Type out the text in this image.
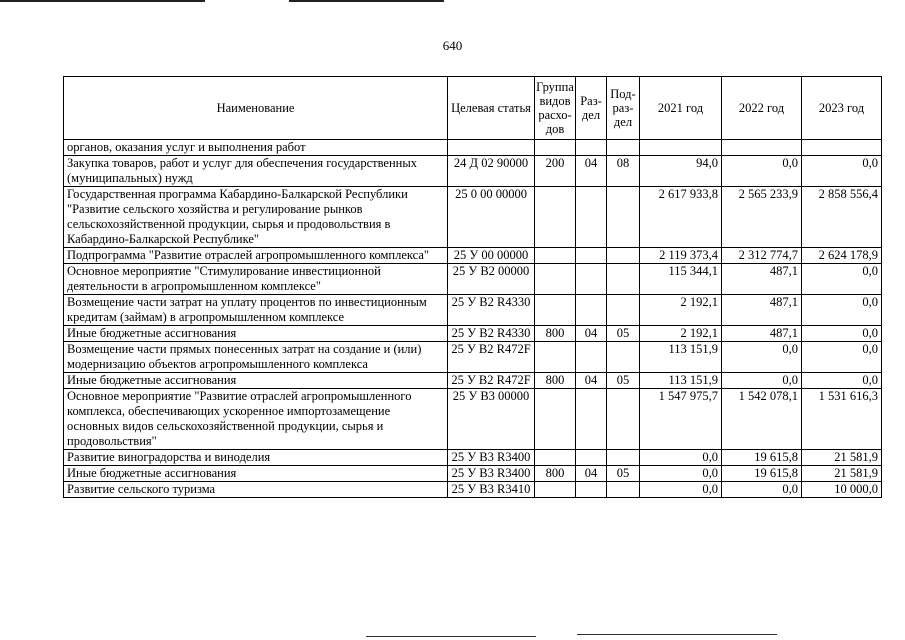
640
Наименование	Целевая статья	Группа видов расхо-дов	Раз-дел	Под-раз-дел	2021 год	2022 год	2023 год
органов, оказания услуг и выполнения работ							
Закупка товаров, работ и услуг для обеспечения государственных (муниципальных) нужд	24 Д 02 90000	200	04	08	94,0	0,0	0,0
Государственная программа Кабардино-Балкарской Республики "Развитие сельского хозяйства и регулирование рынков сельскохозяйственной продукции, сырья и продовольствия в Кабардино-Балкарской Республике"	25 0 00 00000				2 617 933,8	2 565 233,9	2 858 556,4
Подпрограмма "Развитие отраслей агропромышленного комплекса"	25 У 00 00000				2 119 373,4	2 312 774,7	2 624 178,9
Основное мероприятие "Стимулирование инвестиционной деятельности в агропромышленном комплексе"	25 У В2 00000				115 344,1	487,1	0,0
Возмещение части затрат на уплату процентов по инвестиционным кредитам (займам) в агропромышленном комплексе	25 У В2 R4330				2 192,1	487,1	0,0
Иные бюджетные ассигнования	25 У В2 R4330	800	04	05	2 192,1	487,1	0,0
Возмещение части прямых понесенных затрат на создание и (или) модернизацию объектов агропромышленного комплекса	25 У В2 R472F				113 151,9	0,0	0,0
Иные бюджетные ассигнования	25 У В2 R472F	800	04	05	113 151,9	0,0	0,0
Основное мероприятие "Развитие отраслей агропромышленного комплекса, обеспечивающих ускоренное импортозамещение основных видов сельскохозяйственной продукции, сырья и продовольствия"	25 У В3 00000				1 547 975,7	1 542 078,1	1 531 616,3
Развитие виноградорства и виноделия	25 У В3 R3400				0,0	19 615,8	21 581,9
Иные бюджетные ассигнования	25 У В3 R3400	800	04	05	0,0	19 615,8	21 581,9
Развитие сельского туризма	25 У В3 R3410				0,0	0,0	10 000,0
